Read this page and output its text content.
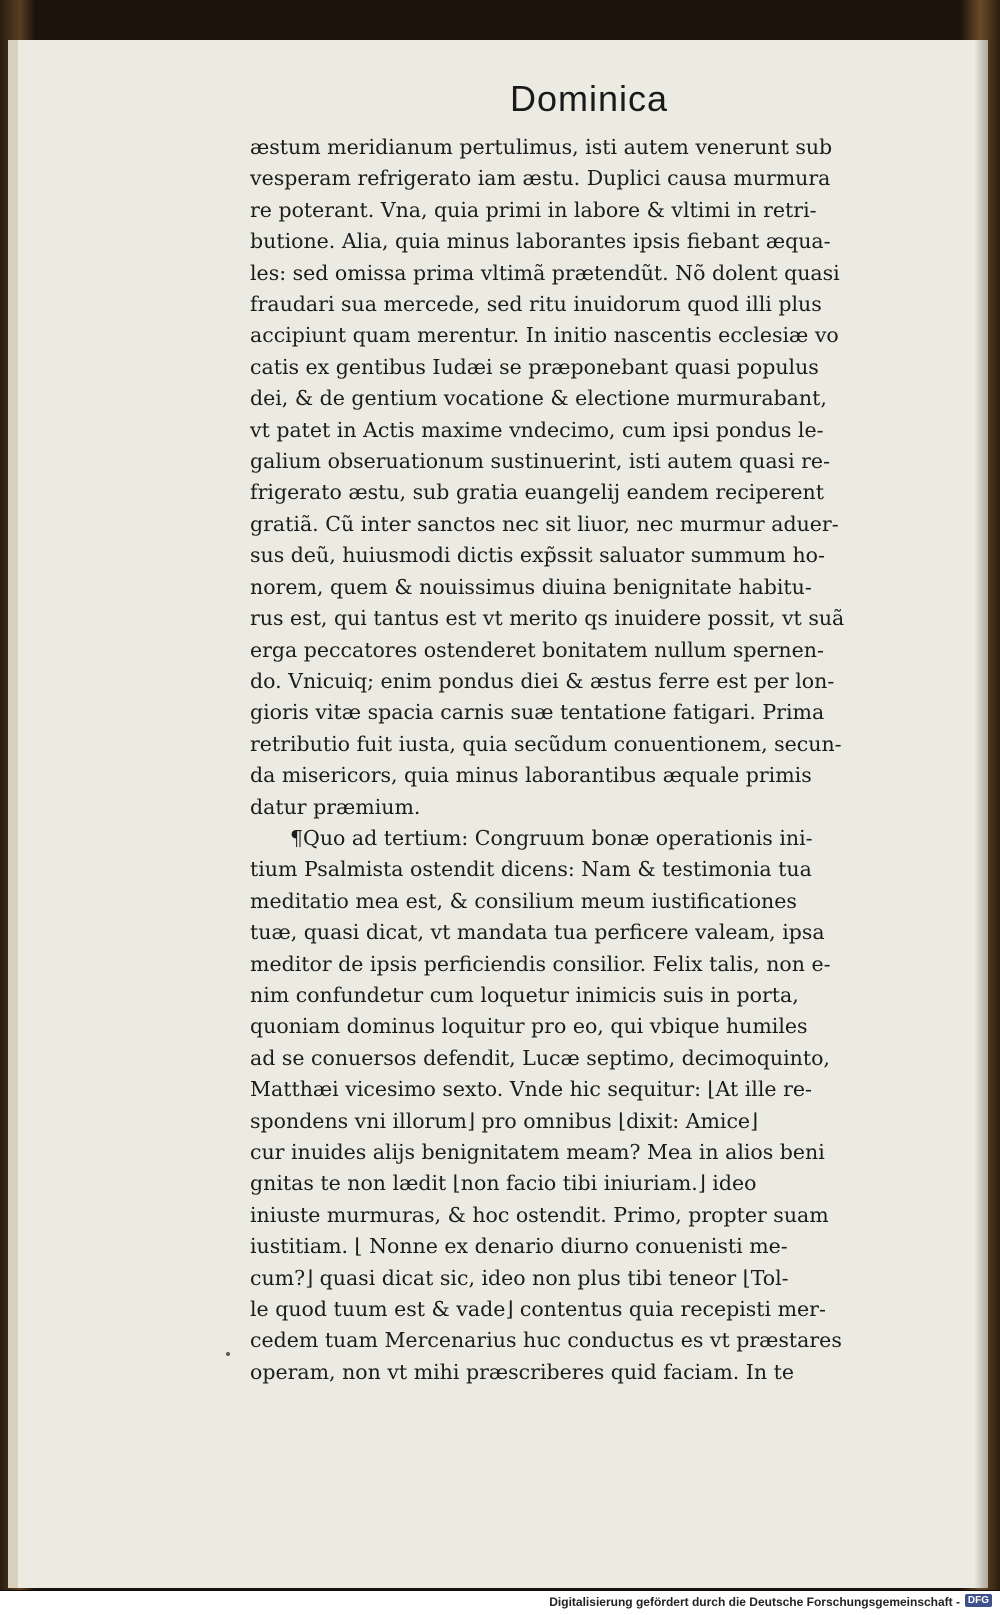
Dominica
æstum meridianum pertulimus, isti autem venerunt sub
vesperam refrigerato iam æstu. Duplici causa murmura
re poterant. Vna, quia primi in labore & vltimi in retri-
butione. Alia, quia minus laborantes ipsis fiebant æqua-
les: sed omissa prima vltimã prætendũt. Nõ dolent quasi
fraudari sua mercede, sed ritu inuidorum quod illi plus
accipiunt quam merentur. In initio nascentis ecclesiæ vo
catis ex gentibus Iudæi se præponebant quasi populus
dei, & de gentium vocatione & electione murmurabant,
vt patet in Actis maxime vndecimo, cum ipsi pondus le-
galium obseruationum sustinuerint, isti autem quasi re-
frigerato æstu, sub gratia euangelij eandem reciperent
gratiã. Cũ inter sanctos nec sit liuor, nec murmur aduer-
sus deũ, huiusmodi dictis exp̃ssit saluator summum ho-
norem, quem & nouissimus diuina benignitate habitu-
rus est, qui tantus est vt merito qs inuidere possit, vt suã
erga peccatores ostenderet bonitatem nullum spernen-
do. Vnicuiq; enim pondus diei & æstus ferre est per lon-
gioris vitæ spacia carnis suæ tentatione fatigari. Prima
retributio fuit iusta, quia secũdum conuentionem, secun-
da misericors, quia minus laborantibus æquale primis
datur præmium.
¶Quo ad tertium: Congruum bonæ operationis ini-
tium Psalmista ostendit dicens: Nam & testimonia tua
meditatio mea est, & consilium meum iustificationes
tuæ, quasi dicat, vt mandata tua perficere valeam, ipsa
meditor de ipsis perficiendis consilior. Felix talis, non e-
nim confundetur cum loquetur inimicis suis in porta,
quoniam dominus loquitur pro eo, qui vbique humiles
ad se conuersos defendit, Lucæ septimo, decimoquinto,
Matthæi vicesimo sexto. Vnde hic sequitur: ⌊At ille re-
spondens vni illorum⌋ pro omnibus ⌊dixit: Amice⌋
cur inuides alijs benignitatem meam? Mea in alios beni
gnitas te non lædit ⌊non facio tibi iniuriam.⌋ ideo
iniuste murmuras, & hoc ostendit. Primo, propter suam
iustitiam. ⌊ Nonne ex denario diurno conuenisti me-
cum?⌋ quasi dicat sic, ideo non plus tibi teneor ⌊Tol-
le quod tuum est & vade⌋ contentus quia recepisti mer-
cedem tuam Mercenarius huc conductus es vt præstares
operam, non vt mihi præscriberes quid faciam. In te
Digitalisierung gefördert durch die Deutsche Forschungsgemeinschaft - DFG
